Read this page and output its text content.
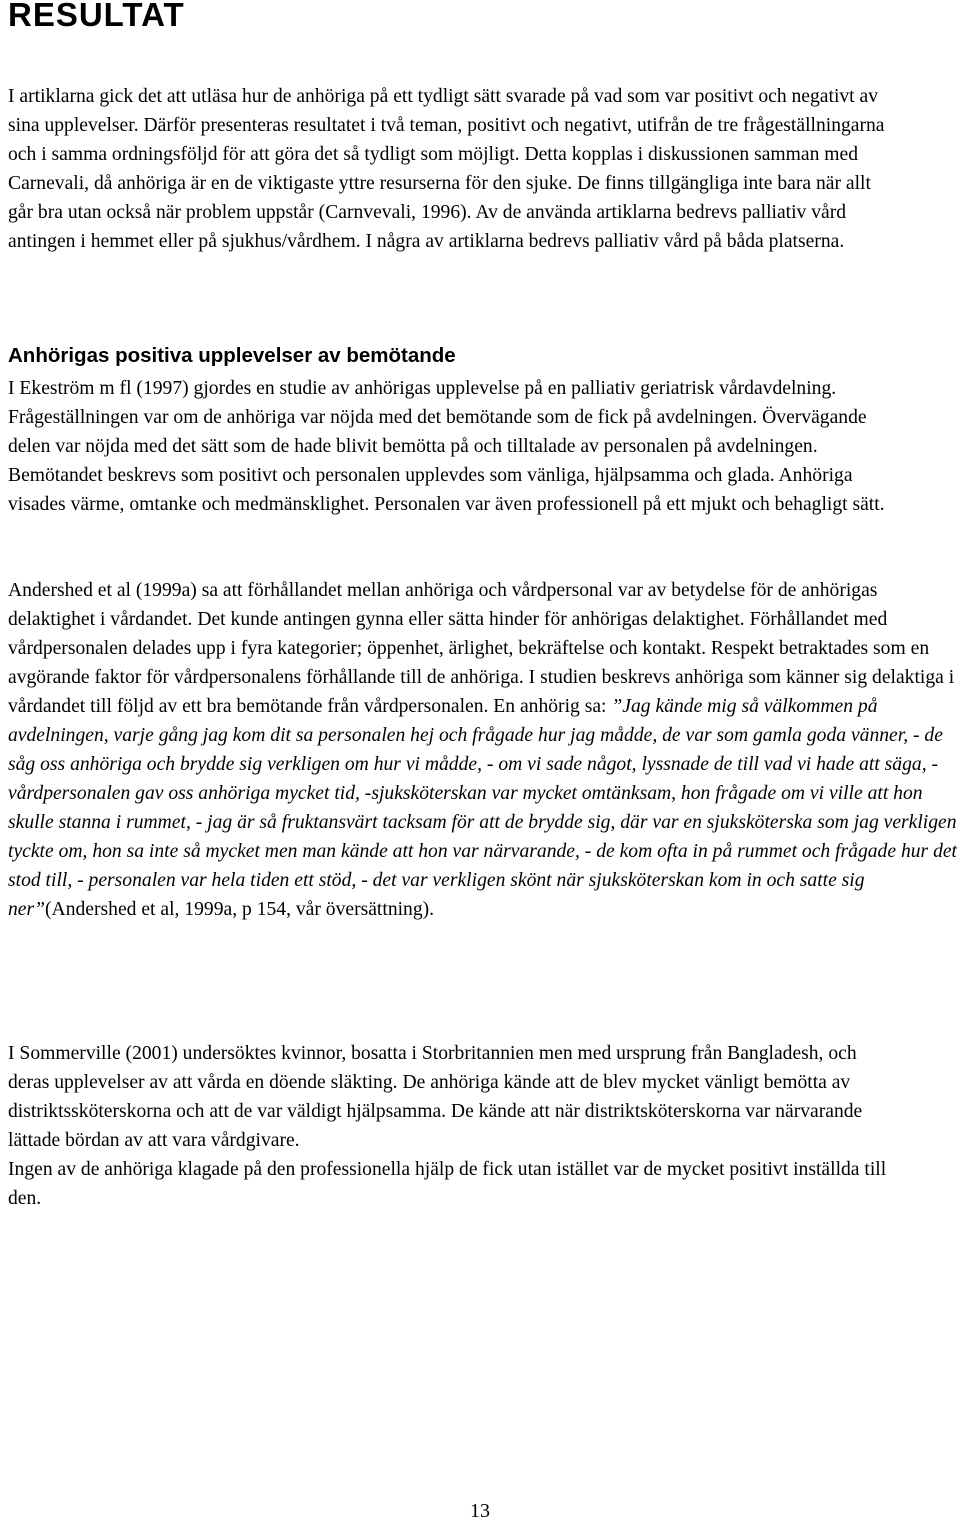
RESULTAT

I artiklarna gick det att utläsa hur de anhöriga på ett tydligt sätt svarade på vad som var positivt och negativt av sina upplevelser. Därför presenteras resultatet i två teman, positivt och negativt, utifrån de tre frågeställningarna och i samma ordningsföljd för att göra det så tydligt som möjligt. Detta kopplas i diskussionen samman med Carnevali, då anhöriga är en de viktigaste yttre resurserna för den sjuke. De finns tillgängliga inte bara när allt går bra utan också när problem uppstår (Carnvevali, 1996). Av de använda artiklarna bedrevs palliativ vård antingen i hemmet eller på sjukhus/vårdhem. I några av artiklarna bedrevs palliativ vård på båda platserna.

Anhörigas positiva upplevelser av bemötande

I Ekeström m fl (1997) gjordes en studie av anhörigas upplevelse på en palliativ geriatrisk vårdavdelning. Frågeställningen var om de anhöriga var nöjda med det bemötande som de fick på avdelningen. Övervägande delen var nöjda med det sätt som de hade blivit bemötta på och tilltalade av personalen på avdelningen. Bemötandet beskrevs som positivt och personalen upplevdes som vänliga, hjälpsamma och glada. Anhöriga visades värme, omtanke och medmänsklighet. Personalen var även professionell på ett mjukt och behagligt sätt.

Andershed et al (1999a) sa att förhållandet mellan anhöriga och vårdpersonal var av betydelse för de anhörigas delaktighet i vårdandet. Det kunde antingen gynna eller sätta hinder för anhörigas delaktighet. Förhållandet med vårdpersonalen delades upp i fyra kategorier; öppenhet, ärlighet, bekräftelse och kontakt. Respekt betraktades som en avgörande faktor för vårdpersonalens förhållande till de anhöriga. I studien beskrevs anhöriga som känner sig delaktiga i vårdandet till följd av ett bra bemötande från vårdpersonalen. En anhörig sa: ”Jag kände mig så välkommen på avdelningen, varje gång jag kom dit sa personalen hej och frågade hur jag mådde, de var som gamla goda vänner, - de såg oss anhöriga och brydde sig verkligen om hur vi mådde, - om vi sade något, lyssnade de till vad vi hade att säga, - vårdpersonalen gav oss anhöriga mycket tid, -sjuksköterskan var mycket omtänksam, hon frågade om vi ville att hon skulle stanna i rummet, - jag är så fruktansvärt tacksam för att de brydde sig, där var en sjuksköterska som jag verkligen tyckte om, hon sa inte så mycket men man kände att hon var närvarande, - de kom ofta in på rummet och frågade hur det stod till, - personalen var hela tiden ett stöd, - det var verkligen skönt när sjuksköterskan kom in och satte sig ner”(Andershed et al, 1999a, p 154, vår översättning).

I Sommerville (2001) undersöktes kvinnor, bosatta i Storbritannien men med ursprung från Bangladesh, och deras upplevelser av att vårda en döende släkting. De anhöriga kände att de blev mycket vänligt bemötta av distriktssköterskorna och att de var väldigt hjälpsamma. De kände att när distriktsköterskorna var närvarande lättade bördan av att vara vårdgivare.
Ingen av de anhöriga klagade på den professionella hjälp de fick utan istället var de mycket positivt inställda till den.

13
